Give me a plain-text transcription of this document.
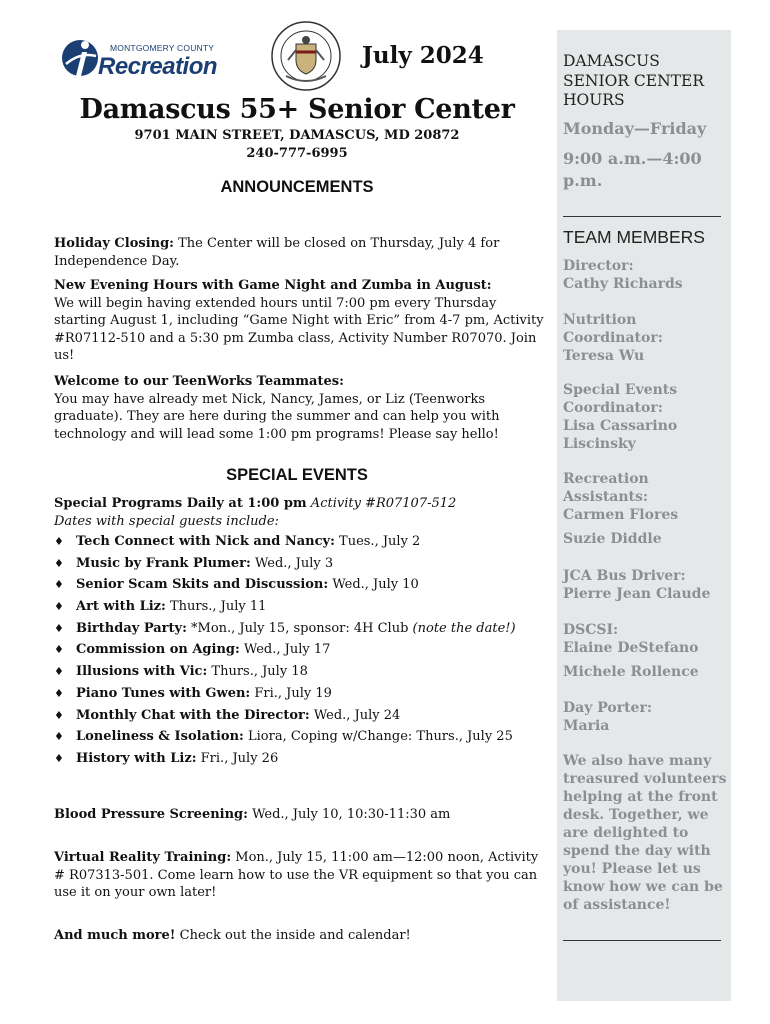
MONTGOMERY COUNTY
Recreation	July 2024
Damascus 55+ Senior Center
9701 MAIN STREET, DAMASCUS, MD 20872
240-777-6995
ANNOUNCEMENTS
Holiday Closing: The Center will be closed on Thursday, July 4 for Independence Day.
New Evening Hours with Game Night and Zumba in August:
We will begin having extended hours until 7:00 pm every Thursday starting August 1, including “Game Night with Eric” from 4-7 pm, Activity #R07112-510 and a 5:30 pm Zumba class, Activity Number R07070. Join us!
Welcome to our TeenWorks Teammates:
You may have already met Nick, Nancy, James, or Liz (Teenworks graduate). They are here during the summer and can help you with technology and will lead some 1:00 pm programs! Please say hello!
SPECIAL EVENTS
Special Programs Daily at 1:00 pm Activity #R07107-512
Dates with special guests include:
♦ Tech Connect with Nick and Nancy: Tues., July 2
♦ Music by Frank Plumer: Wed., July 3
♦ Senior Scam Skits and Discussion: Wed., July 10
♦ Art with Liz: Thurs., July 11
♦ Birthday Party: *Mon., July 15, sponsor: 4H Club (note the date!)
♦ Commission on Aging: Wed., July 17
♦ Illusions with Vic: Thurs., July 18
♦ Piano Tunes with Gwen: Fri., July 19
♦ Monthly Chat with the Director: Wed., July 24
♦ Loneliness & Isolation: Liora, Coping w/Change: Thurs., July 25
♦ History with Liz: Fri., July 26
Blood Pressure Screening: Wed., July 10, 10:30-11:30 am
Virtual Reality Training: Mon., July 15, 11:00 am—12:00 noon, Activity # R07313-501. Come learn how to use the VR equipment so that you can use it on your own later!
And much more! Check out the inside and calendar!
DAMASCUS SENIOR CENTER HOURS
Monday—Friday
9:00 a.m.—4:00 p.m.
TEAM MEMBERS
Director:
Cathy Richards
Nutrition Coordinator:
Teresa Wu
Special Events Coordinator:
Lisa Cassarino Liscinsky
Recreation Assistants:
Carmen Flores
Suzie Diddle
JCA Bus Driver:
Pierre Jean Claude
DSCSI:
Elaine DeStefano
Michele Rollence
Day Porter:
Maria
We also have many treasured volunteers helping at the front desk. Together, we are delighted to spend the day with you! Please let us know how we can be of assistance!
